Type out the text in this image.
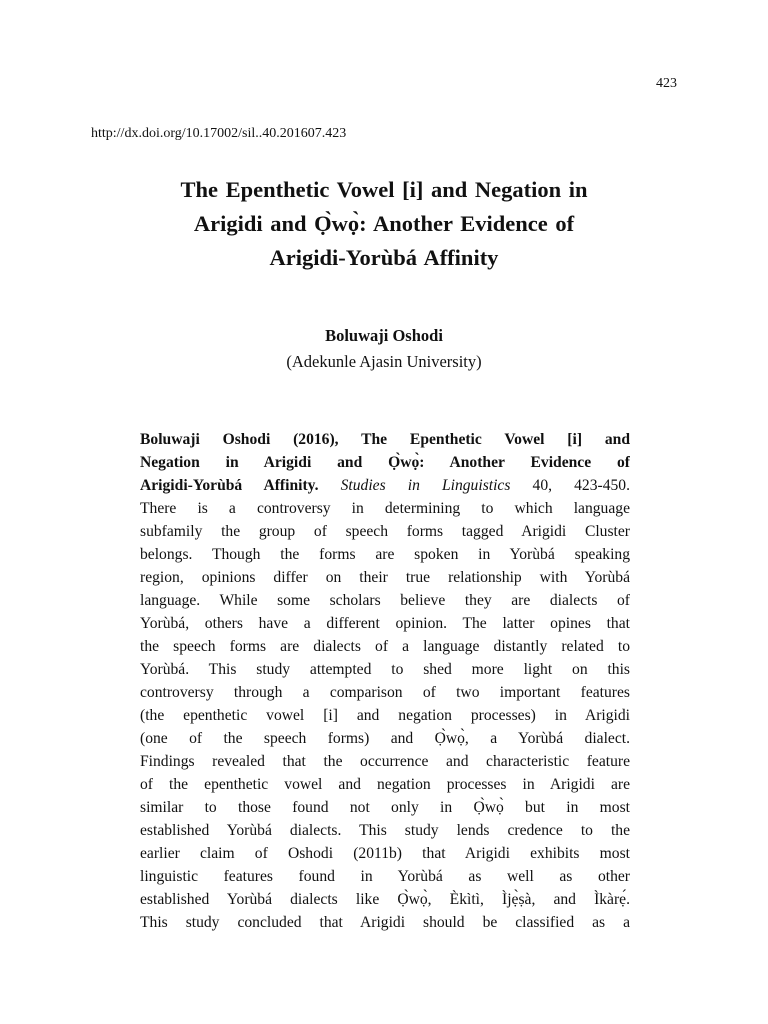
423
http://dx.doi.org/10.17002/sil..40.201607.423
The Epenthetic Vowel [i] and Negation in
Arigidi and Ọ̀wọ̀: Another Evidence of
Arigidi-Yorùbá Affinity
Boluwaji Oshodi
(Adekunle Ajasin University)

Boluwaji Oshodi (2016), The Epenthetic Vowel [i] and
Negation in Arigidi and Ọ̀wọ̀: Another Evidence of
Arigidi-Yorùbá Affinity. Studies in Linguistics 40, 423-450.
There is a controversy in determining to which language
subfamily the group of speech forms tagged Arigidi Cluster
belongs. Though the forms are spoken in Yorùbá speaking
region, opinions differ on their true relationship with Yorùbá
language. While some scholars believe they are dialects of
Yorùbá, others have a different opinion. The latter opines that
the speech forms are dialects of a language distantly related to
Yorùbá. This study attempted to shed more light on this
controversy through a comparison of two important features
(the epenthetic vowel [i] and negation processes) in Arigidi
(one of the speech forms) and Ọ̀wọ̀, a Yorùbá dialect.
Findings revealed that the occurrence and characteristic feature
of the epenthetic vowel and negation processes in Arigidi are
similar to those found not only in Ọ̀wọ̀ but in most
established Yorùbá dialects. This study lends credence to the
earlier claim of Oshodi (2011b) that Arigidi exhibits most
linguistic features found in Yorùbá as well as other
established Yorùbá dialects like Ọ̀wọ̀, Èkìtì, Ìjẹ̀ṣà, and Ìkàrẹ́.
This study concluded that Arigidi should be classified as a
